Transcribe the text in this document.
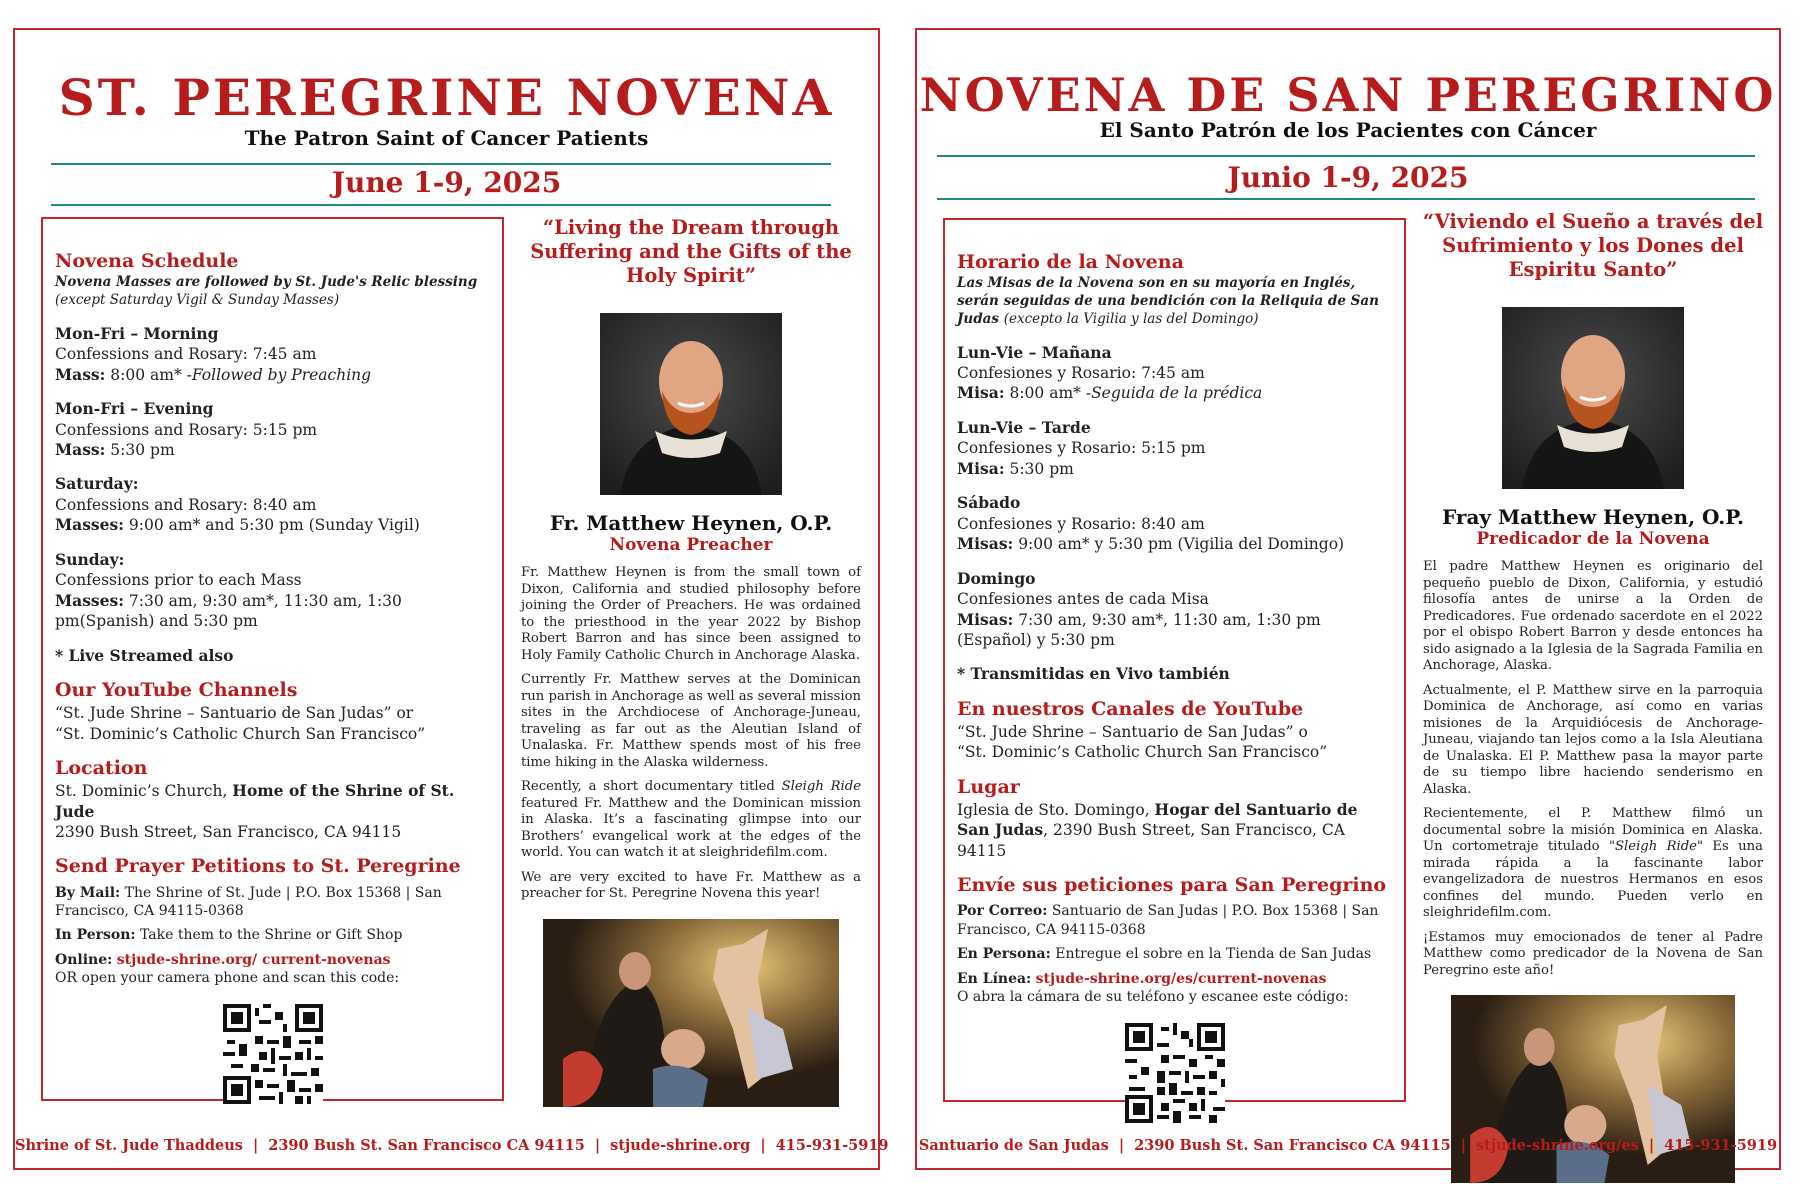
ST. PEREGRINE NOVENA
The Patron Saint of Cancer Patients
June 1-9, 2025
Novena Schedule
Novena Masses are followed by St. Jude's Relic blessing (except Saturday Vigil & Sunday Masses)
Mon-Fri – Morning
Confessions and Rosary: 7:45 am
Mass: 8:00 am* -Followed by Preaching
Mon-Fri – Evening
Confessions and Rosary: 5:15 pm
Mass: 5:30 pm
Saturday:
Confessions and Rosary: 8:40 am
Masses: 9:00 am* and 5:30 pm (Sunday Vigil)
Sunday:
Confessions prior to each Mass
Masses: 7:30 am, 9:30 am*, 11:30 am, 1:30 pm(Spanish) and 5:30 pm
* Live Streamed also
Our YouTube Channels
“St. Jude Shrine – Santuario de San Judas” or
“St. Dominic’s Catholic Church San Francisco”
Location
St. Dominic’s Church, Home of the Shrine of St. Jude
2390 Bush Street, San Francisco, CA 94115
Send Prayer Petitions to St. Peregrine
By Mail: The Shrine of St. Jude | P.O. Box 15368 | San Francisco, CA 94115-0368
In Person: Take them to the Shrine or Gift Shop
Online: stjude-shrine.org/ current-novenas
OR open your camera phone and scan this code:
“Living the Dream through Suffering and the Gifts of the Holy Spirit”
Fr. Matthew Heynen, O.P.
Novena Preacher

Fr. Matthew Heynen is from the small town of Dixon, California and studied philosophy before joining the Order of Preachers. He was ordained to the priesthood in the year 2022 by Bishop Robert Barron and has since been assigned to Holy Family Catholic Church in Anchorage Alaska.

Currently Fr. Matthew serves at the Dominican run parish in Anchorage as well as several mission sites in the Archdiocese of Anchorage-Juneau, traveling as far out as the Aleutian Island of Unalaska. Fr. Matthew spends most of his free time hiking in the Alaska wilderness.

Recently, a short documentary titled Sleigh Ride featured Fr. Matthew and the Dominican mission in Alaska. It’s a fascinating glimpse into our Brothers’ evangelical work at the edges of the world. You can watch it at sleighridefilm.com.

We are very excited to have Fr. Matthew as a preacher for St. Peregrine Novena this year!

Shrine of St. Jude Thaddeus | 2390 Bush St. San Francisco CA 94115 | stjude-shrine.org | 415-931-5919
NOVENA DE SAN PEREGRINO
El Santo Patrón de los Pacientes con Cáncer
Junio 1-9, 2025
Horario de la Novena
Las Misas de la Novena son en su mayoría en Inglés, serán seguidas de una bendición con la Reliquia de San Judas (excepto la Vigilia y las del Domingo)
Lun-Vie – Mañana
Confesiones y Rosario: 7:45 am
Misa: 8:00 am* -Seguida de la prédica
Lun-Vie – Tarde
Confesiones y Rosario: 5:15 pm
Misa: 5:30 pm
Sábado
Confesiones y Rosario: 8:40 am
Misas: 9:00 am* y 5:30 pm (Vigilia del Domingo)
Domingo
Confesiones antes de cada Misa
Misas: 7:30 am, 9:30 am*, 11:30 am, 1:30 pm (Español) y 5:30 pm
* Transmitidas en Vivo también
En nuestros Canales de YouTube
“St. Jude Shrine – Santuario de San Judas” o
“St. Dominic’s Catholic Church San Francisco”
Lugar
Iglesia de Sto. Domingo, Hogar del Santuario de San Judas, 2390 Bush Street, San Francisco, CA 94115
Envíe sus peticiones para San Peregrino
Por Correo: Santuario de San Judas | P.O. Box 15368 | San Francisco, CA 94115-0368
En Persona: Entregue el sobre en la Tienda de San Judas
En Línea: stjude-shrine.org/es/current-novenas
O abra la cámara de su teléfono y escanee este código:
“Viviendo el Sueño a través del Sufrimiento y los Dones del Espiritu Santo”
Fray Matthew Heynen, O.P.
Predicador de la Novena

El padre Matthew Heynen es originario del pequeño pueblo de Dixon, California, y estudió filosofía antes de unirse a la Orden de Predicadores. Fue ordenado sacerdote en el 2022 por el obispo Robert Barron y desde entonces ha sido asignado a la Iglesia de la Sagrada Familia en Anchorage, Alaska.

Actualmente, el P. Matthew sirve en la parroquia Dominica de Anchorage, así como en varias misiones de la Arquidiócesis de Anchorage-Juneau, viajando tan lejos como a la Isla Aleutiana de Unalaska. El P. Matthew pasa la mayor parte de su tiempo libre haciendo senderismo en Alaska.

Recientemente, el P. Matthew filmó un documental sobre la misión Dominica en Alaska. Un cortometraje titulado "Sleigh Ride" Es una mirada rápida a la fascinante labor evangelizadora de nuestros Hermanos en esos confines del mundo. Pueden verlo en sleighridefilm.com.

¡Estamos muy emocionados de tener al Padre Matthew como predicador de la Novena de San Peregrino este año!

Santuario de San Judas | 2390 Bush St. San Francisco CA 94115 | stjude-shrine.org/es | 415-931-5919
